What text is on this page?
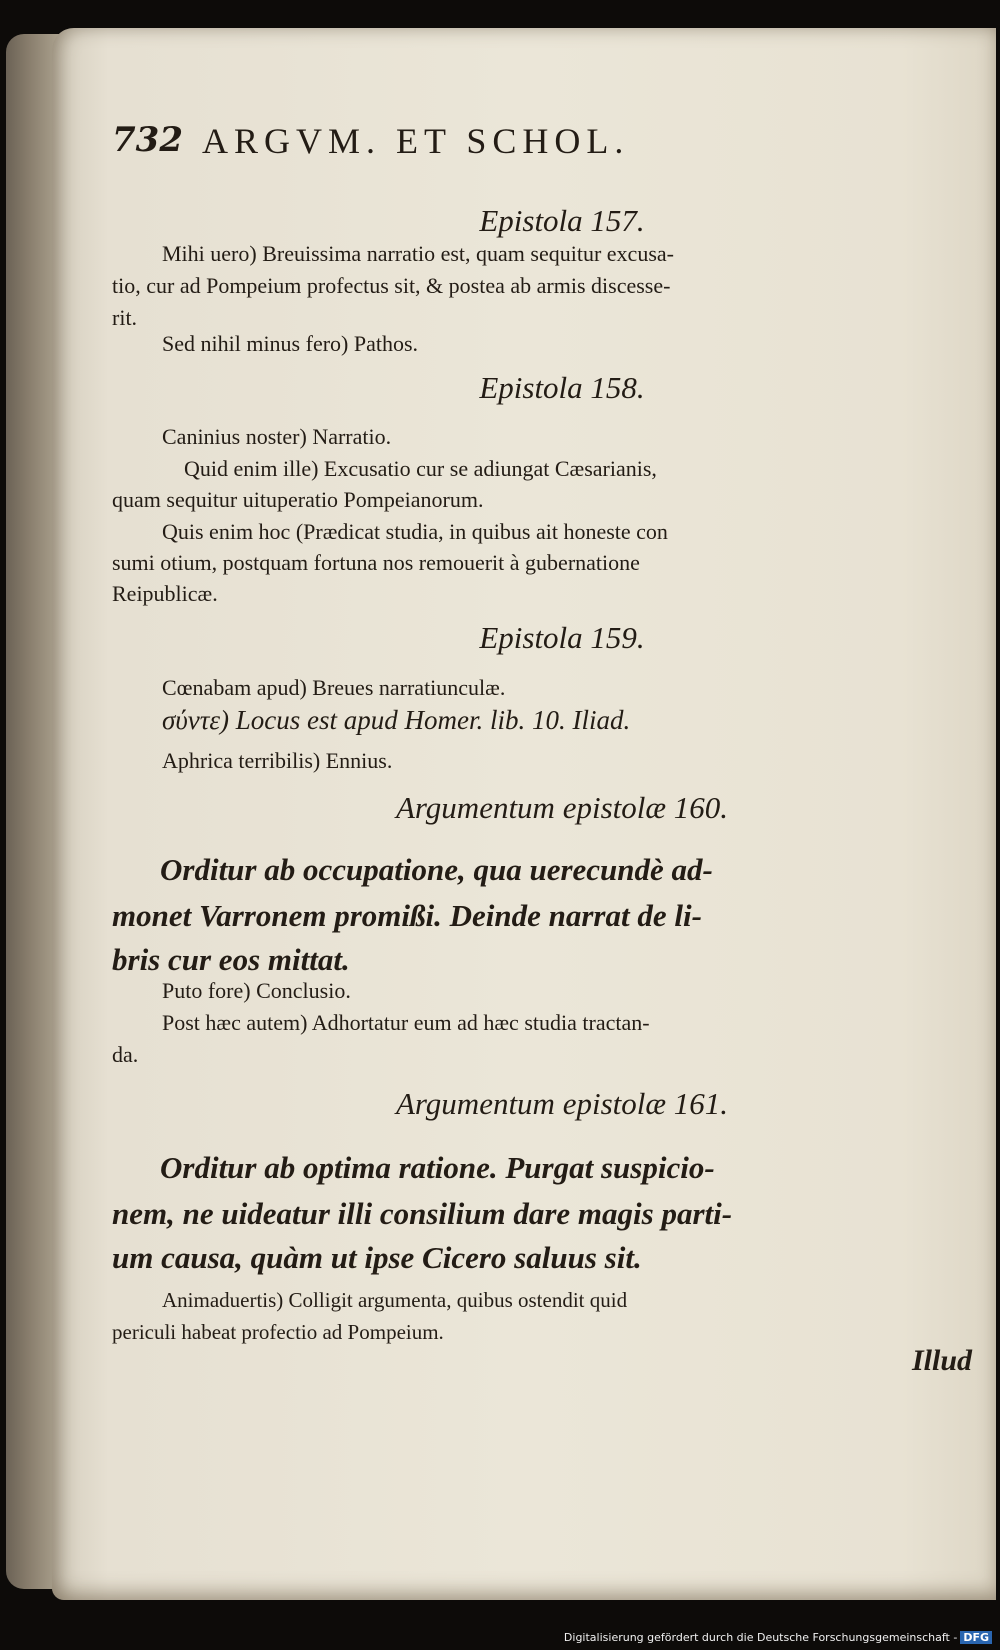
732 ARGVM. ET SCHOL.
Epistola 157.
Mihi uero) Breuissima narratio est, quam sequitur excusa-
tio, cur ad Pompeium profectus sit, & postea ab armis discesse-
rit.
Sed nihil minus fero) Pathos.
Epistola 158.
Caninius noster) Narratio.
Quid enim ille) Excusatio cur se adiungat Cæsarianis,
quam sequitur uituperatio Pompeianorum.
Quis enim hoc (Prædicat studia, in quibus ait honeste con
sumi otium, postquam fortuna nos remouerit à gubernatione
Reipublicæ.
Epistola 159.
Cœnabam apud) Breues narratiunculæ.
σύντε) Locus est apud Homer. lib. 10. Iliad.
Aphrica terribilis) Ennius.
Argumentum epistolæ 160.
Orditur ab occupatione, qua uerecundè ad-
monet Varronem promißi. Deinde narrat de li-
bris cur eos mittat.
Puto fore) Conclusio.
Post hæc autem) Adhortatur eum ad hæc studia tractan-
da.
Argumentum epistolæ 161.
Orditur ab optima ratione. Purgat suspicio-
nem, ne uideatur illi consilium dare magis parti-
um causa, quàm ut ipse Cicero saluus sit.
Animaduertis) Colligit argumenta, quibus ostendit quid
periculi habeat profectio ad Pompeium.
Illud
Digitalisierung gefördert durch die Deutsche Forschungsgemeinschaft - DFG
